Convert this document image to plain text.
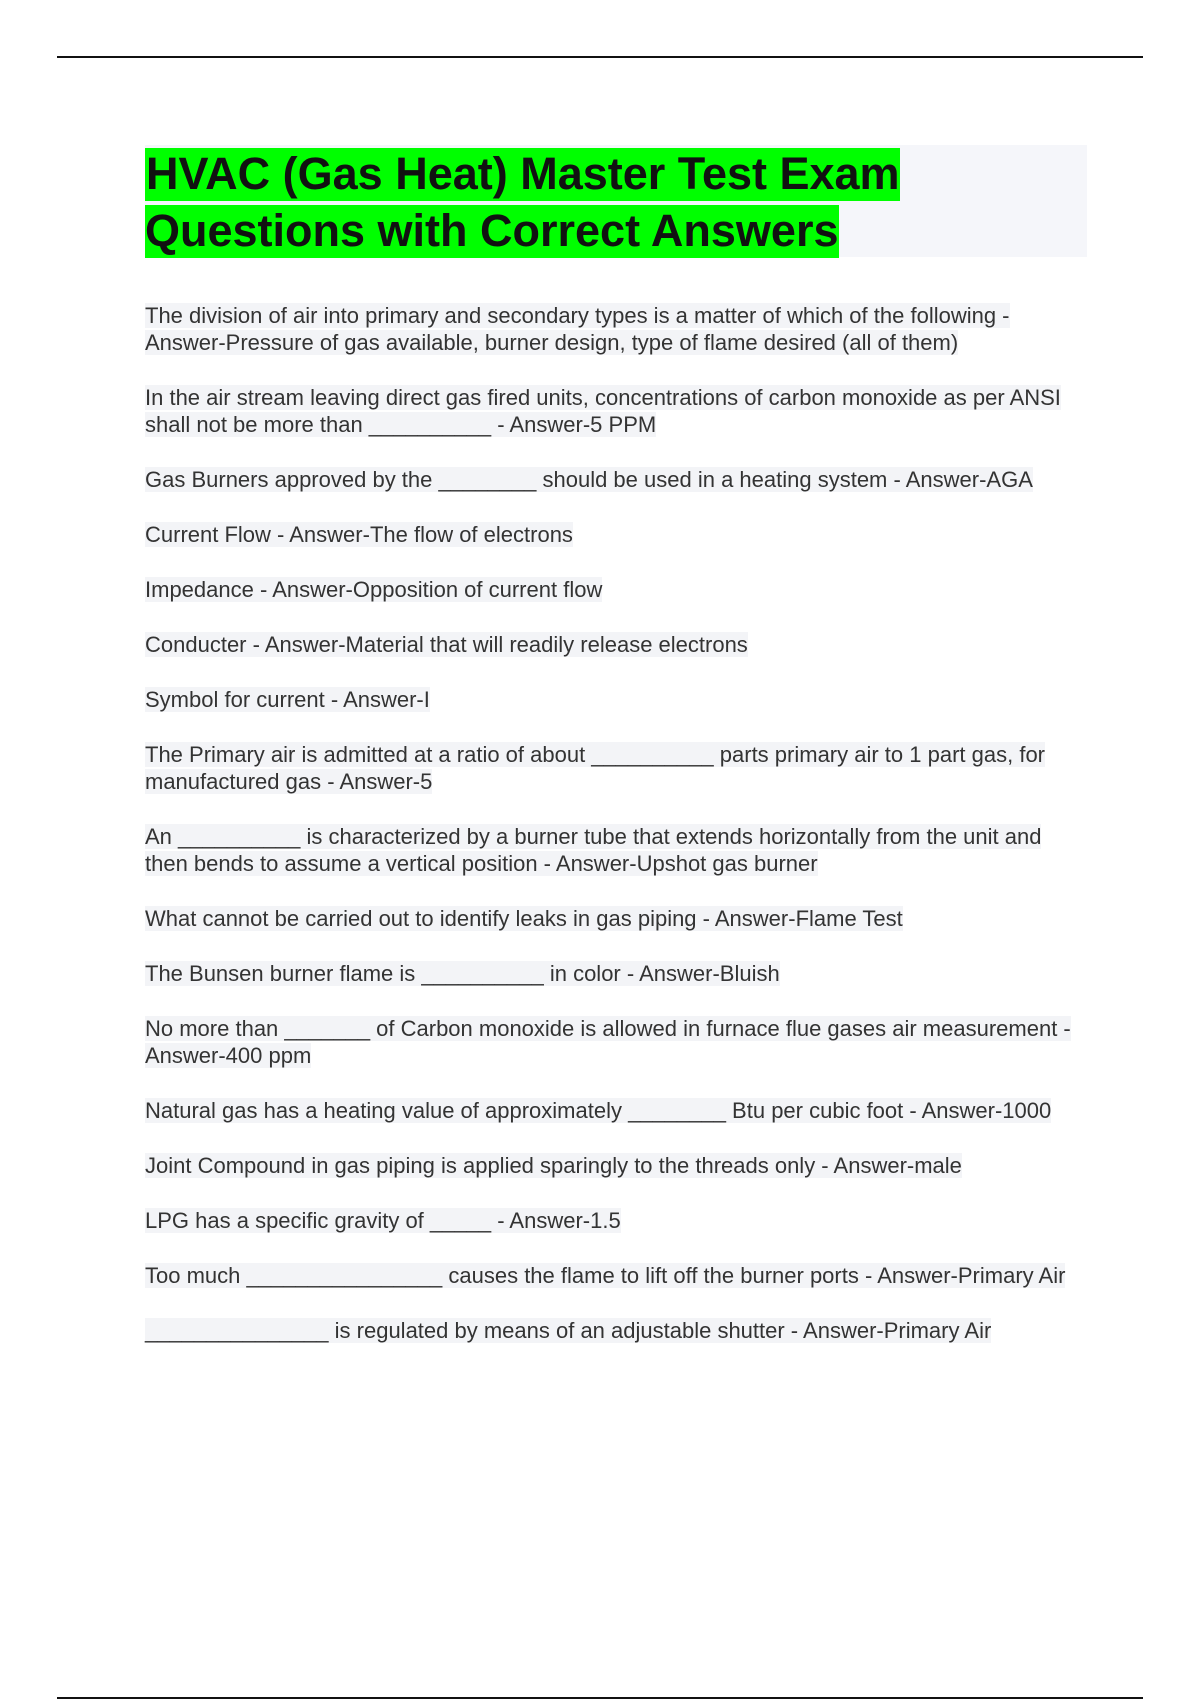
HVAC (Gas Heat) Master Test Exam Questions with Correct Answers
The division of air into primary and secondary types is a matter of which of the following - Answer-Pressure of gas available, burner design, type of flame desired (all of them)
In the air stream leaving direct gas fired units, concentrations of carbon monoxide as per ANSI shall not be more than __________ - Answer-5 PPM
Gas Burners approved by the ________ should be used in a heating system - Answer-AGA
Current Flow - Answer-The flow of electrons
Impedance - Answer-Opposition of current flow
Conducter - Answer-Material that will readily release electrons
Symbol for current - Answer-I
The Primary air is admitted at a ratio of about __________ parts primary air to 1 part gas, for manufactured gas - Answer-5
An __________ is characterized by a burner tube that extends horizontally from the unit and then bends to assume a vertical position - Answer-Upshot gas burner
What cannot be carried out to identify leaks in gas piping - Answer-Flame Test
The Bunsen burner flame is __________ in color - Answer-Bluish
No more than _______ of Carbon monoxide is allowed in furnace flue gases air measurement - Answer-400 ppm
Natural gas has a heating value of approximately ________ Btu per cubic foot - Answer-1000
Joint Compound in gas piping is applied sparingly to the threads only - Answer-male
LPG has a specific gravity of _____ - Answer-1.5
Too much ________________ causes the flame to lift off the burner ports - Answer-Primary Air
_______________ is regulated by means of an adjustable shutter - Answer-Primary Air
